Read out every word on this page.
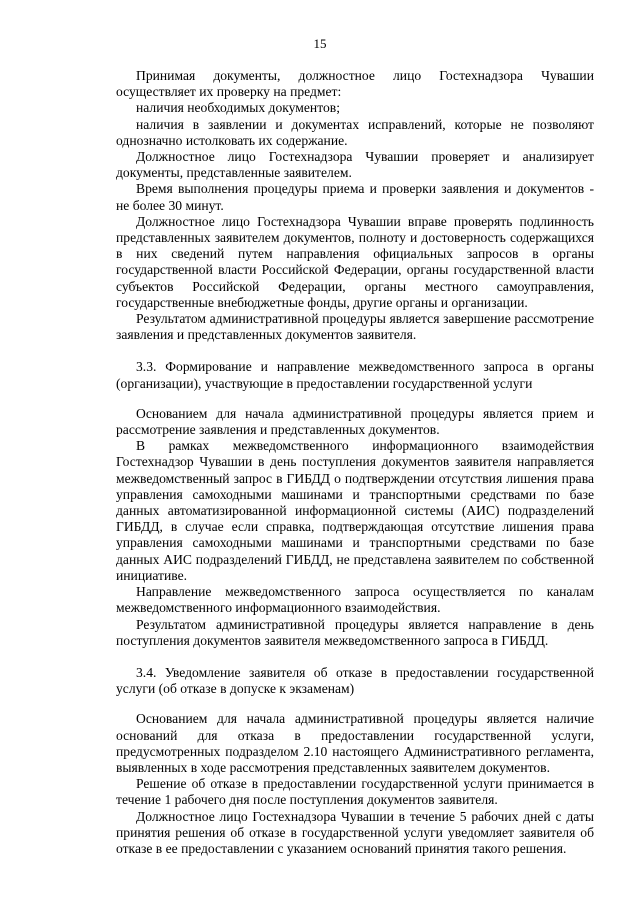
15

Принимая документы, должностное лицо Гостехнадзора Чувашии осуществляет их проверку на предмет:

наличия необходимых документов;

наличия в заявлении и документах исправлений, которые не позволяют однозначно истолковать их содержание.

Должностное лицо Гостехнадзора Чувашии проверяет и анализирует документы, представленные заявителем.

Время выполнения процедуры приема и проверки заявления и документов - не более 30 минут.

Должностное лицо Гостехнадзора Чувашии вправе проверять подлинность представленных заявителем документов, полноту и достоверность содержащихся в них сведений путем направления официальных запросов в органы государственной власти Российской Федерации, органы государственной власти субъектов Российской Федерации, органы местного самоуправления, государственные внебюджетные фонды, другие органы и организации.

Результатом административной процедуры является завершение рассмотрение заявления и представленных документов заявителя.

3.3. Формирование и направление межведомственного запроса в органы (организации), участвующие в предоставлении государственной услуги

Основанием для начала административной процедуры является прием и рассмотрение заявления и представленных документов.

В рамках межведомственного информационного взаимодействия Гостехнадзор Чувашии в день поступления документов заявителя направляется межведомственный запрос в ГИБДД о подтверждении отсутствия лишения права управления самоходными машинами и транспортными средствами по базе данных автоматизированной информационной системы (АИС) подразделений ГИБДД, в случае если справка, подтверждающая отсутствие лишения права управления самоходными машинами и транспортными средствами по базе данных АИС подразделений ГИБДД, не представлена заявителем по собственной инициативе.

Направление межведомственного запроса осуществляется по каналам межведомственного информационного взаимодействия.

Результатом административной процедуры является направление в день поступления документов заявителя межведомственного запроса в ГИБДД.

3.4. Уведомление заявителя об отказе в предоставлении государственной услуги (об отказе в допуске к экзаменам)

Основанием для начала административной процедуры является наличие оснований для отказа в предоставлении государственной услуги, предусмотренных подразделом 2.10 настоящего Административного регламента, выявленных в ходе рассмотрения представленных заявителем документов.

Решение об отказе в предоставлении государственной услуги принимается в течение 1 рабочего дня после поступления документов заявителя.

Должностное лицо Гостехнадзора Чувашии в течение 5 рабочих дней с даты принятия решения об отказе в государственной услуги уведомляет заявителя об отказе в ее предоставлении с указанием оснований принятия такого решения.
